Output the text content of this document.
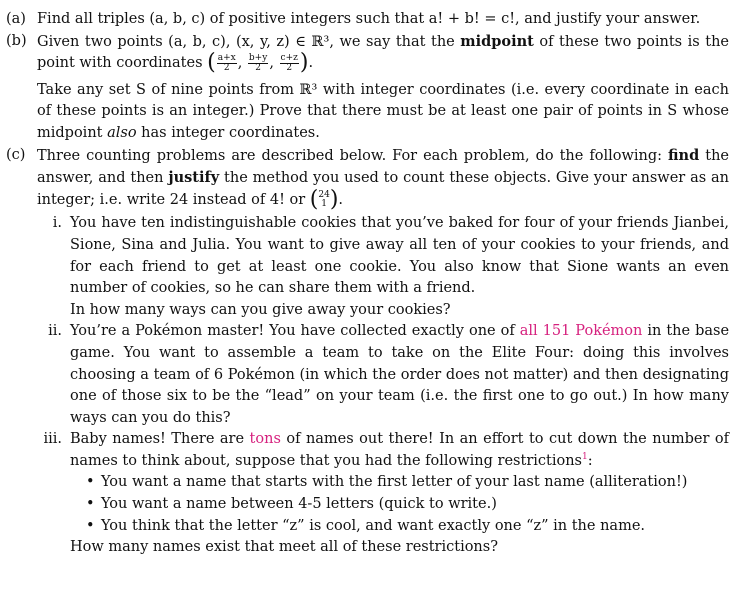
(a) Find all triples (a, b, c) of positive integers such that a! + b! = c!, and justify your answer.
(b) Given two points (a, b, c), (x, y, z) ∈ ℝ³, we say that the midpoint of these two points is the point with coordinates ( $\frac{a+x}{2}$ , $\frac{b+y}{2}$ , $\frac{c+z}{2}$ ).
Take any set S of nine points from ℝ³ with integer coordinates (i.e. every coordinate in each of these points is an integer.) Prove that there must be at least one pair of points in S whose midpoint also has integer coordinates.
(c) Three counting problems are described below. For each problem, do the following: find the answer, and then justify the method you used to count these objects. Give your answer as an integer; i.e. write 24 instead of 4! or ( 24
1 ).
i. You have ten indistinguishable cookies that you’ve baked for four of your friends Jianbei, Sione, Sina and Julia. You want to give away all ten of your cookies to your friends, and for each friend to get at least one cookie. You also know that Sione wants an even number of cookies, so he can share them with a friend.
In how many ways can you give away your cookies?
ii. You’re a Pokémon master! You have collected exactly one of all 151 Pokémon in the base game. You want to assemble a team to take on the Elite Four: doing this involves choosing a team of 6 Pokémon (in which the order does not matter) and then designating one of those six to be the “lead” on your team (i.e. the first one to go out.) In how many ways can you do this?
iii. Baby names! There are tons of names out there! In an effort to cut down the number of names to think about, suppose that you had the following restrictions$^1$:
• You want a name that starts with the first letter of your last name (alliteration!)
• You want a name between 4-5 letters (quick to write.)
• You think that the letter “z” is cool, and want exactly one “z” in the name.
How many names exist that meet all of these restrictions?
